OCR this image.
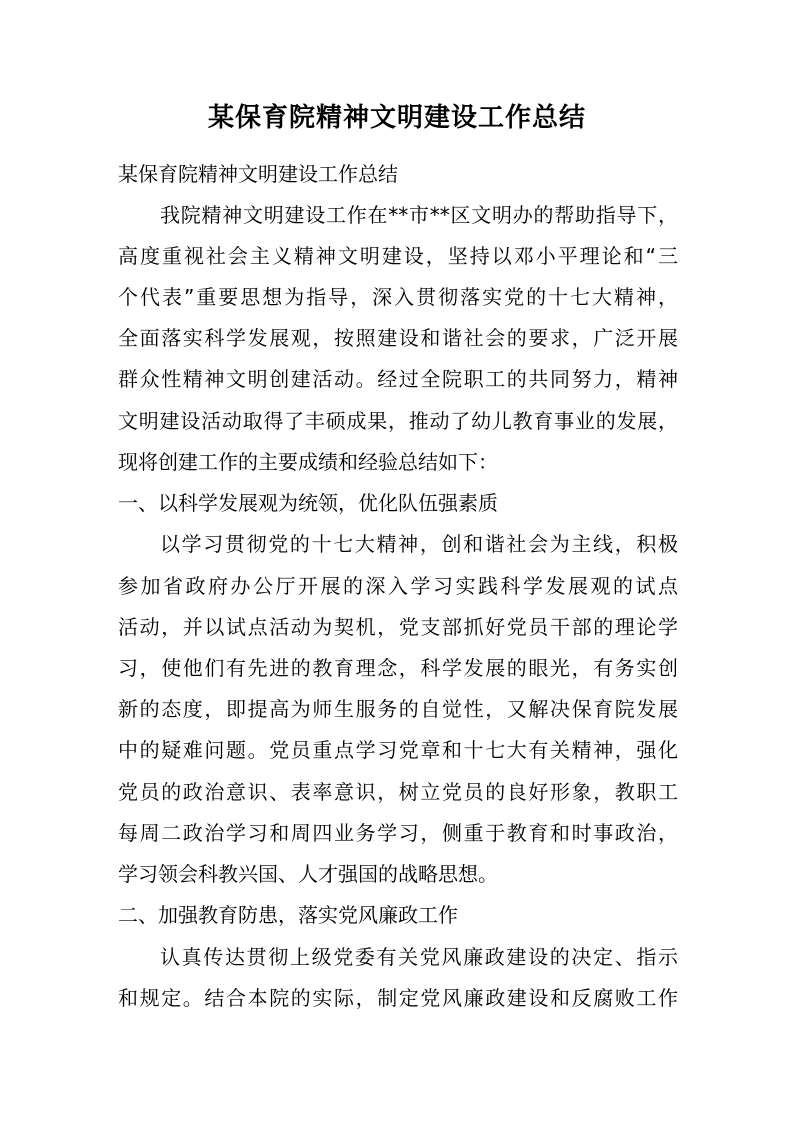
某保育院精神文明建设工作总结

某保育院精神文明建设工作总结

我院精神文明建设工作在**市**区文明办的帮助指导下，

高度重视社会主义精神文明建设，坚持以邓小平理论和“三

个代表”重要思想为指导，深入贯彻落实党的十七大精神，

全面落实科学发展观，按照建设和谐社会的要求，广泛开展

群众性精神文明创建活动。经过全院职工的共同努力，精神

文明建设活动取得了丰硕成果，推动了幼儿教育事业的发展，

现将创建工作的主要成绩和经验总结如下：

一、以科学发展观为统领，优化队伍强素质

以学习贯彻党的十七大精神，创和谐社会为主线，积极

参加省政府办公厅开展的深入学习实践科学发展观的试点

活动，并以试点活动为契机，党支部抓好党员干部的理论学

习，使他们有先进的教育理念，科学发展的眼光，有务实创

新的态度，即提高为师生服务的自觉性，又解决保育院发展

中的疑难问题。党员重点学习党章和十七大有关精神，强化

党员的政治意识、表率意识，树立党员的良好形象，教职工

每周二政治学习和周四业务学习，侧重于教育和时事政治，

学习领会科教兴国、人才强国的战略思想。

二、加强教育防患，落实党风廉政工作

认真传达贯彻上级党委有关党风廉政建设的决定、指示

和规定。结合本院的实际，制定党风廉政建设和反腐败工作
